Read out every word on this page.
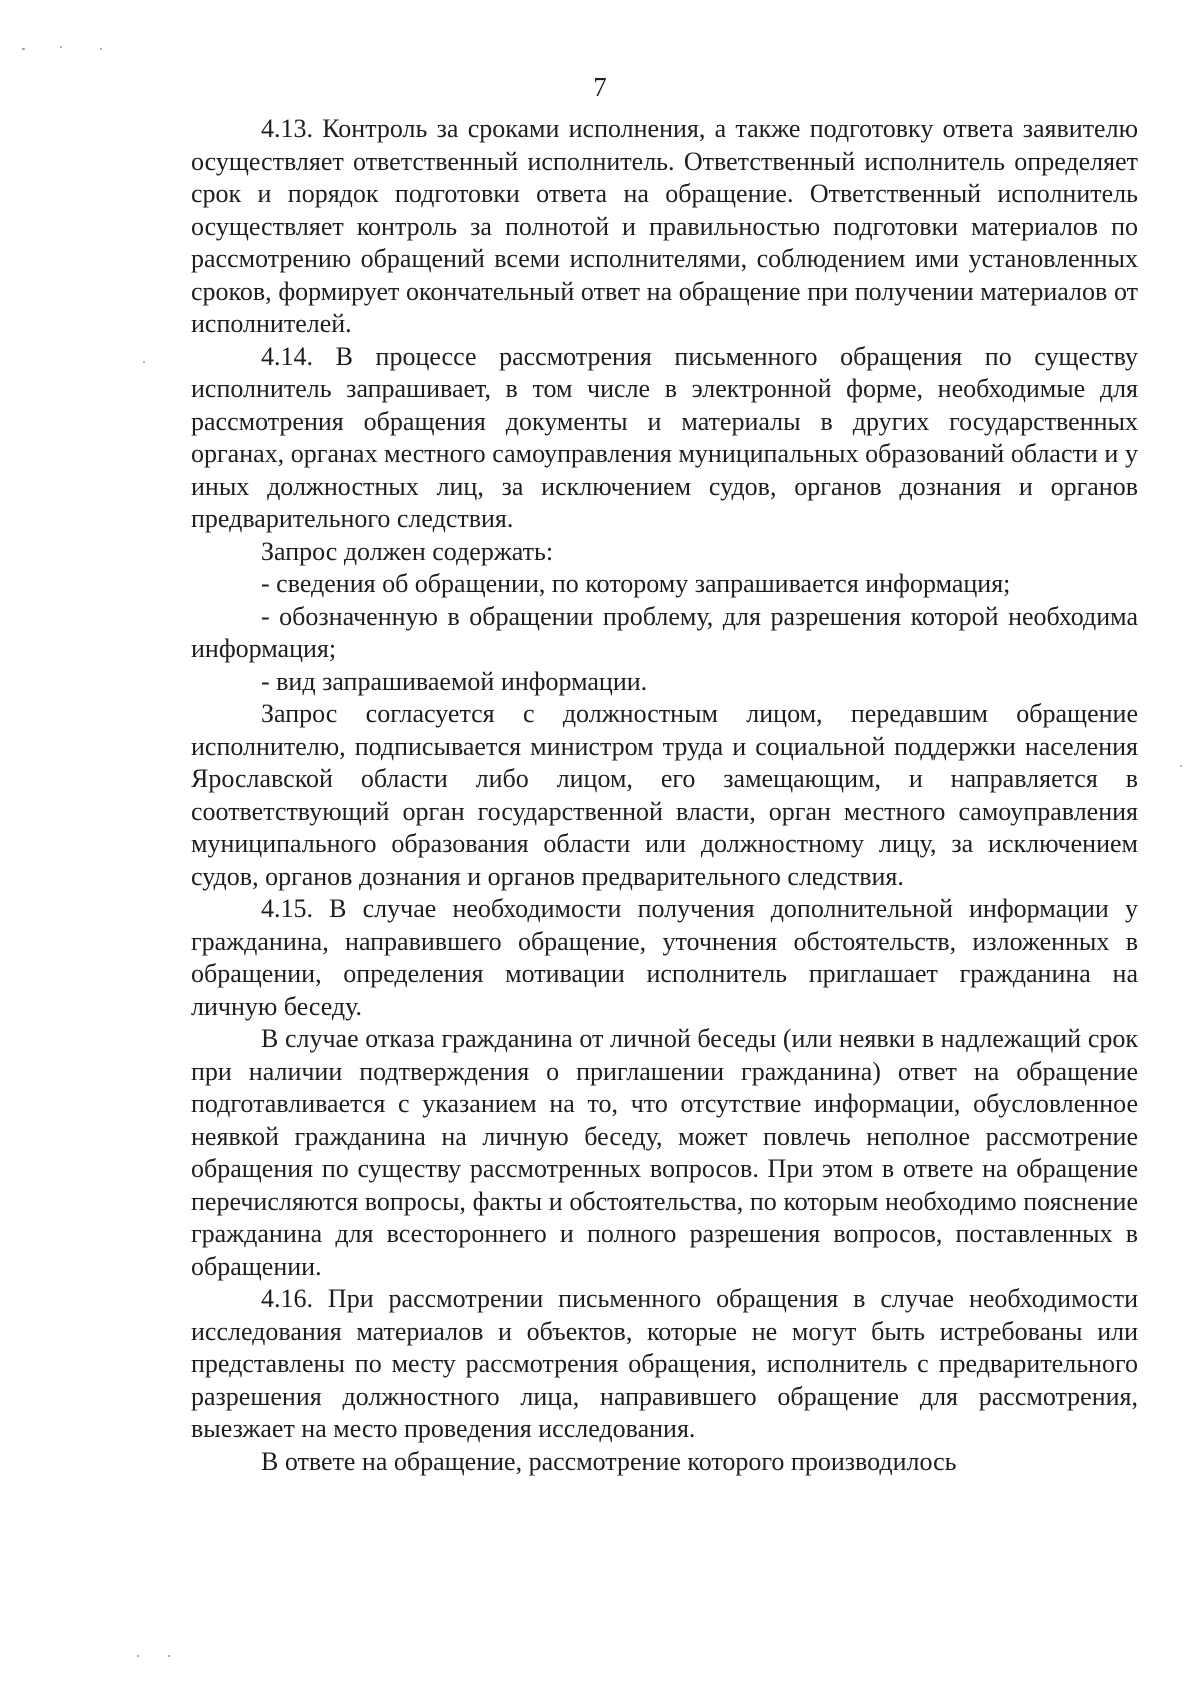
7

4.13. Контроль за сроками исполнения, а также подготовку ответа заявителю осуществляет ответственный исполнитель. Ответственный исполнитель определяет срок и порядок подготовки ответа на обращение. Ответственный исполнитель осуществляет контроль за полнотой и правильностью подготовки материалов по рассмотрению обращений всеми исполнителями, соблюдением ими установленных сроков, формирует окончательный ответ на обращение при получении материалов от исполнителей.

4.14. В процессе рассмотрения письменного обращения по существу исполнитель запрашивает, в том числе в электронной форме, необходимые для рассмотрения обращения документы и материалы в других государственных органах, органах местного самоуправления муниципальных образований области и у иных должностных лиц, за исключением судов, органов дознания и органов предварительного следствия.

Запрос должен содержать:

- сведения об обращении, по которому запрашивается информация;

- обозначенную в обращении проблему, для разрешения которой необходима информация;

- вид запрашиваемой информации.

Запрос согласуется с должностным лицом, передавшим обращение исполнителю, подписывается министром труда и социальной поддержки населения Ярославской области либо лицом, его замещающим, и направляется в соответствующий орган государственной власти, орган местного самоуправления муниципального образования области или должностному лицу, за исключением судов, органов дознания и органов предварительного следствия.

4.15. В случае необходимости получения дополнительной информации у гражданина, направившего обращение, уточнения обстоятельств, изложенных в обращении, определения мотивации исполнитель приглашает гражданина на личную беседу.

В случае отказа гражданина от личной беседы (или неявки в надлежащий срок при наличии подтверждения о приглашении гражданина) ответ на обращение подготавливается с указанием на то, что отсутствие информации, обусловленное неявкой гражданина на личную беседу, может повлечь неполное рассмотрение обращения по существу рассмотренных вопросов. При этом в ответе на обращение перечисляются вопросы, факты и обстоятельства, по которым необходимо пояснение гражданина для всестороннего и полного разрешения вопросов, поставленных в обращении.

4.16. При рассмотрении письменного обращения в случае необходимости исследования материалов и объектов, которые не могут быть истребованы или представлены по месту рассмотрения обращения, исполнитель с предварительного разрешения должностного лица, направившего обращение для рассмотрения, выезжает на место проведения исследования.

В ответе на обращение, рассмотрение которого производилось
